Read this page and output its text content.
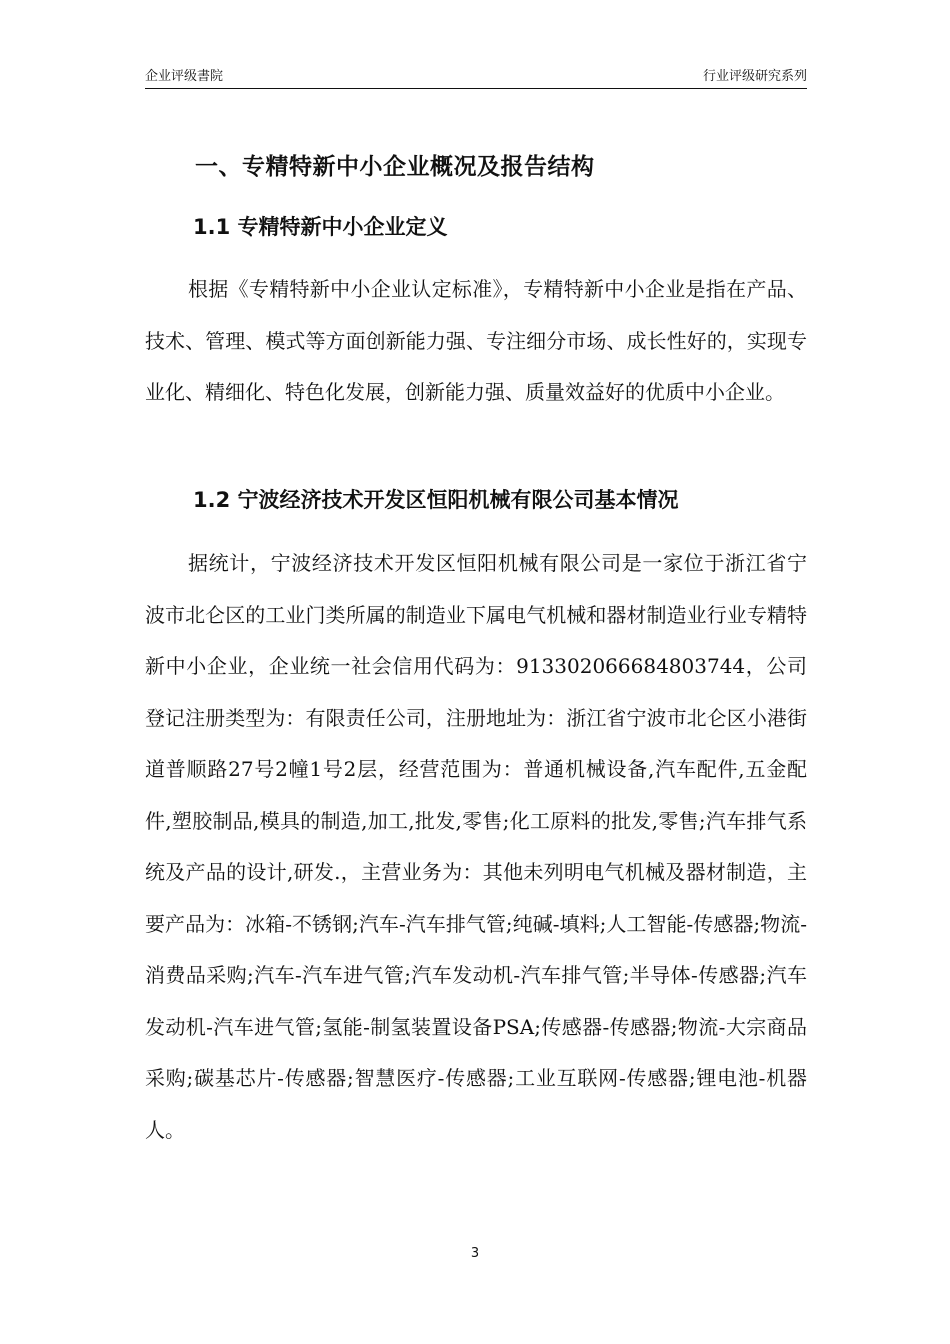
企业评级書院	行业评级研究系列
一、专精特新中小企业概况及报告结构
1.1 专精特新中小企业定义

根据《专精特新中小企业认定标准》，专精特新中小企业是指在产品、技术、管理、模式等方面创新能力强、专注细分市场、成长性好的，实现专业化、精细化、特色化发展，创新能力强、质量效益好的优质中小企业。

1.2 宁波经济技术开发区恒阳机械有限公司基本情况

据统计，宁波经济技术开发区恒阳机械有限公司是一家位于浙江省宁波市北仑区的工业门类所属的制造业下属电气机械和器材制造业行业专精特新中小企业，企业统一社会信用代码为：913302066684803744，公司登记注册类型为：有限责任公司，注册地址为：浙江省宁波市北仑区小港街道普顺路27号2幢1号2层，经营范围为：普通机械设备,汽车配件,五金配件,塑胶制品,模具的制造,加工,批发,零售;化工原料的批发,零售;汽车排气系统及产品的设计,研发.，主营业务为：其他未列明电气机械及器材制造，主要产品为：冰箱-不锈钢;汽车-汽车排气管;纯碱-填料;人工智能-传感器;物流-消费品采购;汽车-汽车进气管;汽车发动机-汽车排气管;半导体-传感器;汽车发动机-汽车进气管;氢能-制氢装置设备PSA;传感器-传感器;物流-大宗商品采购;碳基芯片-传感器;智慧医疗-传感器;工业互联网-传感器;锂电池-机器人。

3
